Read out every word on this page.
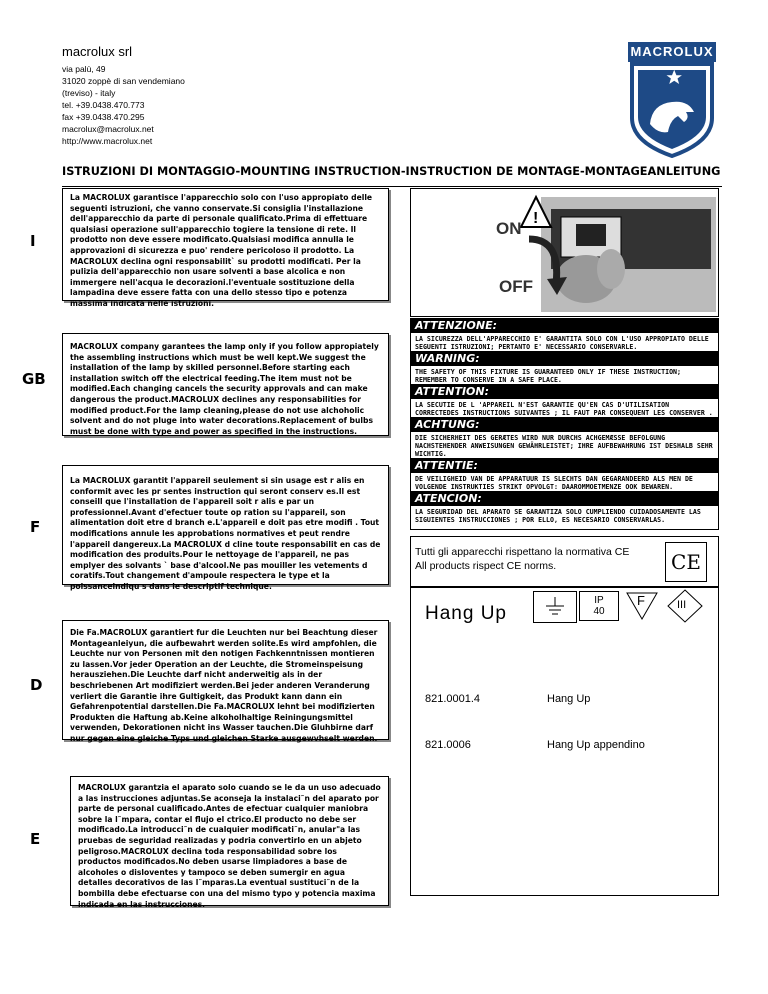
macrolux srl
via palù, 49
31020 zoppè di san vendemiano
(treviso) - italy
tel. +39.0438.470.773
fax +39.0438.470.295
macrolux@macrolux.net
http://www.macrolux.net
MACROLUX
ISTRUZIONI DI MONTAGGIO-MOUNTING INSTRUCTION-INSTRUCTION DE MONTAGE-MONTAGEANLEITUNG
I
La MACROLUX garantisce l'apparecchio solo con l'uso appropiato delle seguenti istruzioni, che vanno conservate.Si consiglia l'installazione dell'apparecchio da parte di personale qualificato.Prima di effettuare qualsiasi operazione sull'apparecchio togiere la tensione di rete. Il prodotto non deve essere modificato.Qualsiasi modifica annulla le approvazioni di sicurezza e puo' rendere pericoloso il prodotto. La MACROLUX declina ogni responsabilit` su prodotti modificati. Per la pulizia dell'apparecchio non usare solventi a base alcolica e non immergere nell'acqua le decorazioni.l'eventuale sostituzione della lampadina deve essere fatta con una dello stesso tipo e potenza massima indicata nelle istruzioni.
GB
MACROLUX company garantees the lamp only if you follow appropiately the assembling instructions which must be well kept.We suggest the installation of the lamp by skilled personnel.Before starting each installation switch off the electrical feeding.The item must not be modified.Each changing cancels the security approvals and can make dangerous the product.MACROLUX declines any responsabilities for modified product.For the lamp cleaning,please do not use alchoholic solvent and do not pluge into water decorations.Replacement of bulbs must be done with type and power as specified in the instructions.
F
La MACROLUX garantit l'appareil seulement si sin usage est r alis en conformit avec les pr sentes instruction qui seront conserv es.Il est conseill que l'installation de l'appareil soit r alis e par un professionnel.Avant d'efectuer toute op ration su l'appareil, son alimentation doit etre d branch e.L'appareil e doit pas etre modifi . Tout modifications annule les approbations normatives et peut rendre l'appareil dangereux.La MACROLUX d cline toute responsabilit en cas de modification des produits.Pour le nettoyage de l'appareil, ne pas emplyer des solvants ` base d'alcool.Ne pas mouiller les vetements d coratifs.Tout changement d'ampoule respectera le type et la poissanceindiqu s dans le descriptif technique.
D
Die Fa.MACROLUX garantiert fur die Leuchten nur bei Beachtung dieser Montageanleiyun, die aufbewahrt werden solite.Es wird ampfohlen, die Leuchte nur von Personen mit den notigen Fachkenntnissen montieren zu lassen.Vor jeder Operation an der Leuchte, die Stromeinspeisung herausziehen.Die Leuchte darf nicht anderweitig als in der beschriebenen Art modifiziert werden.Bei jeder anderen Veranderung verliert die Garantie ihre Gultigkeit, das Produkt kann dann ein Gefahrenpotential darstellen.Die Fa.MACROLUX lehnt bei modifizierten Produkten die Haftung ab.Keine alkoholhaltige Reiningungsmittel verwenden, Dekorationen nicht ins Wasser tauchen.Die Gluhbirne darf nur gegen eine gleiche Typs und gleichen Starke ausgewvhselt werden.
E
MACROLUX garantzia el aparato solo cuando se le da un uso adecuado a las instrucciones adjuntas.Se aconseja la instalaci˜n del aparato por parte de personal cualificado.Antes de efectuar cualquier maniobra sobre la l˜mpara, contar el flujo el ctrico.El producto no debe ser modificado.La introducci˜n de cualquier modificati˜n, anular"a las pruebas de seguridad realizadas y podria convertirlo en un abjeto peligroso.MACROLUX declina toda responsabilidad sobre los productos modificados.No deben usarse limpiadores a base de alcoholes o disloventes y tampoco se deben sumergir en agua detalles decorativos de las l˜mparas.La eventual sustituci˜n de la bombilla debe efectuarse con una del mismo typo y potencia maxima indicada en las instrucciones.
!
ON
OFF
ATTENZIONE:
LA SICUREZZA DELL'APPARECCHIO E' GARANTITA SOLO CON L'USO APPROPIATO DELLE SEGUENTI ISTRUZIONI; PERTANTO E' NECESSARIO CONSERVARLE.
WARNING:
THE SAFETY OF THIS FIXTURE IS GUARANTEED ONLY IF THESE INSTRUCTION; REMEMBER TO CONSERVE IN A SAFE PLACE.
ATTENTION:
LA SECUTIE DE L 'APPAREIL N'EST GARANTIE QU'EN CAS D'UTILISATION CORRECTEDES INSTRUCTIONS SUIVANTES ; IL FAUT PAR CONSEQUENT LES CONSERVER .
ACHTUNG:
DIE SICHERHEIT DES GERÆTES WIRD NUR DURCHS ACHGEMÆSSE BEFOLGUNG NACHSTEHENDER ANWEISUNGEN GEWÄHRLEISTET; IHRE AUFBEWAHRUNG IST DESHALB SEHR WICHTIG.
ATTENTIE:
DE VEILIGHEID VAN DE APPARATUUR IS SLECHTS DAN GEGARANDEERD ALS MEN DE VOLGENDE INSTRUKTIES STRIKT OPVOLGT: DAAROMMOETMENZE OOK BEWAREN.
ATENCION:
LA SEGURIDAD DEL APARATO SE GARANTIZA SOLO CUMPLIENDO CUIDADOSAMENTE LAS SIGUIENTES INSTRUCCIONES ; POR ELLO, ES NECESARIO CONSERVARLAS.
Tutti gli apparecchi rispettano la normativa CE
All products rispect CE norms.	CE
Hang Up
IP
40
F	III
821.0001.4	Hang Up
821.0006	Hang Up appendino
